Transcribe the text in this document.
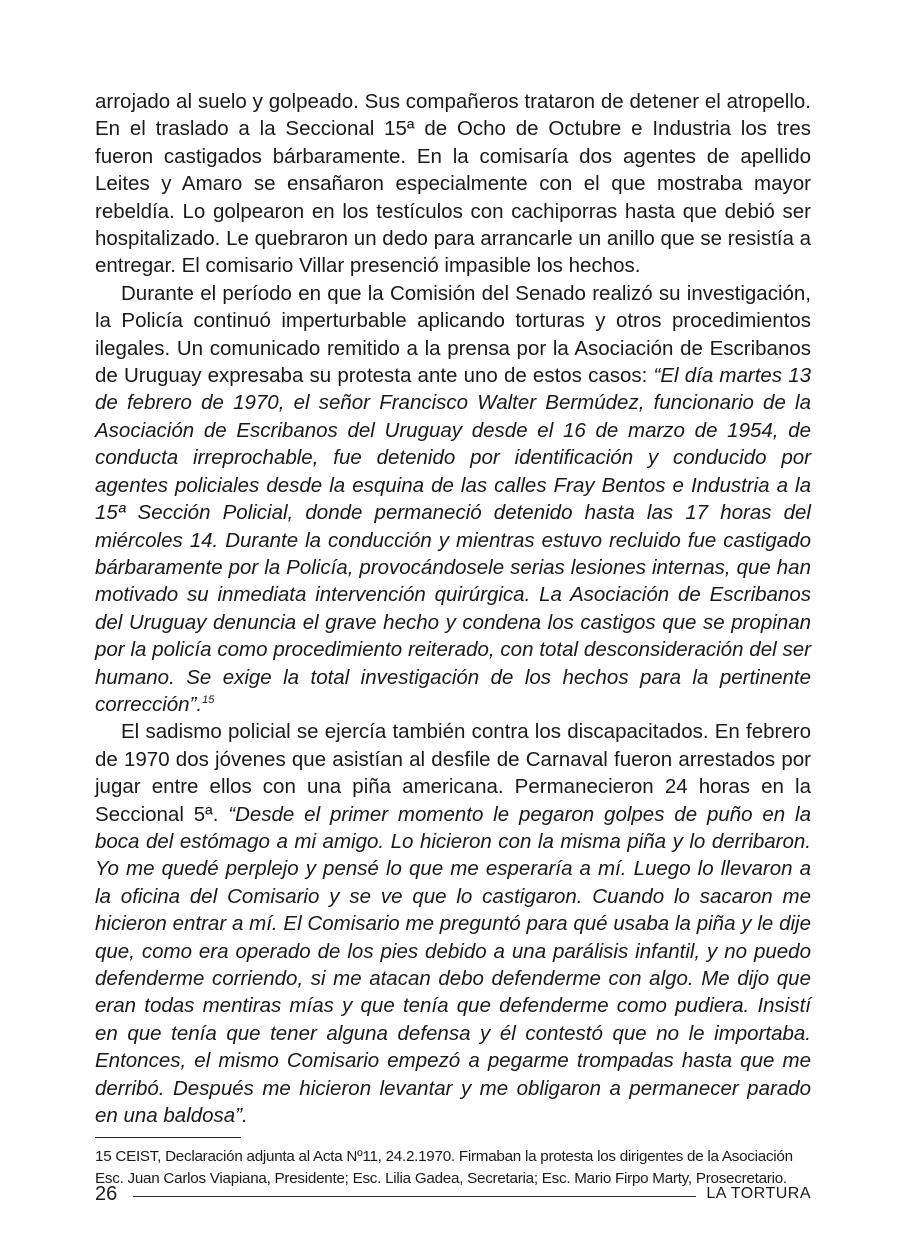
arrojado al suelo y golpeado. Sus compañeros trataron de detener el atropello. En el traslado a la Seccional 15ª de Ocho de Octubre e Industria los tres fueron castigados bárbaramente. En la comisaría dos agentes de apellido Leites y Amaro se ensañaron especialmente con el que mostraba mayor rebeldía. Lo golpearon en los testículos con cachiporras hasta que debió ser hospitalizado. Le quebraron un dedo para arrancarle un anillo que se resistía a entregar. El comisario Villar presenció impasible los hechos.

Durante el período en que la Comisión del Senado realizó su investigación, la Policía continuó imperturbable aplicando torturas y otros procedimientos ilegales. Un comunicado remitido a la prensa por la Asociación de Escribanos de Uruguay expresaba su protesta ante uno de estos casos: “El día martes 13 de febrero de 1970, el señor Francisco Walter Bermúdez, funcionario de la Asociación de Escribanos del Uruguay desde el 16 de marzo de 1954, de conducta irreprochable, fue detenido por identificación y conducido por agentes policiales desde la esquina de las calles Fray Bentos e Industria a la 15ª Sección Policial, donde permaneció detenido hasta las 17 horas del miércoles 14. Durante la conducción y mientras estuvo recluido fue castigado bárbaramente por la Policía, provocándosele serias lesiones internas, que han motivado su inmediata intervención quirúrgica. La Asociación de Escribanos del Uruguay denuncia el grave hecho y condena los castigos que se propinan por la policía como procedimiento reiterado, con total desconsideración del ser humano. Se exige la total investigación de los hechos para la pertinente corrección”.$^{15}$

El sadismo policial se ejercía también contra los discapacitados. En febrero de 1970 dos jóvenes que asistían al desfile de Carnaval fueron arrestados por jugar entre ellos con una piña americana. Permanecieron 24 horas en la Seccional 5ª. “Desde el primer momento le pegaron golpes de puño en la boca del estómago a mi amigo. Lo hicieron con la misma piña y lo derribaron. Yo me quedé perplejo y pensé lo que me esperaría a mí. Luego lo llevaron a la oficina del Comisario y se ve que lo castigaron. Cuando lo sacaron me hicieron entrar a mí. El Comisario me preguntó para qué usaba la piña y le dije que, como era operado de los pies debido a una parálisis infantil, y no puedo defenderme corriendo, si me atacan debo defenderme con algo. Me dijo que eran todas mentiras mías y que tenía que defenderme como pudiera. Insistí en que tenía que tener alguna defensa y él contestó que no le importaba. Entonces, el mismo Comisario empezó a pegarme trompadas hasta que me derribó. Después me hicieron levantar y me obligaron a permanecer parado en una baldosa”.

15 CEIST, Declaración adjunta al Acta Nº11, 24.2.1970. Firmaban la protesta los dirigentes de la Asociación Esc. Juan Carlos Viapiana, Presidente; Esc. Lilia Gadea, Secretaria; Esc. Mario Firpo Marty, Prosecretario.

26	LA TORTURA
